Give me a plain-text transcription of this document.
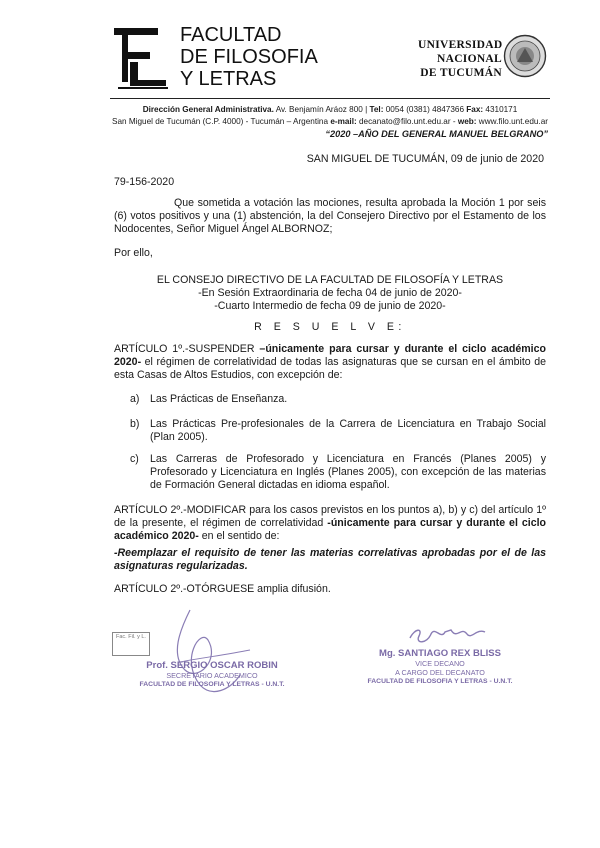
FACULTAD
DE FILOSOFIA
Y LETRAS
UNIVERSIDAD
NACIONAL
DE TUCUMÁN
Dirección General Administrativa. Av. Benjamín Aráoz 800 | Tel: 0054 (0381) 4847366 Fax: 4310171
San Miguel de Tucumán (C.P. 4000) - Tucumán – Argentina e-mail: decanato@filo.unt.edu.ar - web: www.filo.unt.edu.ar
“2020 –AÑO DEL GENERAL MANUEL BELGRANO”
SAN MIGUEL DE TUCUMÁN, 09 de junio de 2020
79-156-2020
Que sometida a votación las mociones, resulta aprobada la Moción 1 por seis (6) votos positivos y una (1) abstención, la del Consejero Directivo por el Estamento de los Nodocentes, Señor Miguel Ángel ALBORNOZ;
Por ello,
EL CONSEJO DIRECTIVO DE LA FACULTAD DE FILOSOFÍA Y LETRAS
-En Sesión Extraordinaria de fecha 04 de junio de 2020-
-Cuarto Intermedio de fecha 09 de junio de 2020-
R E S U E L V E:
ARTÍCULO 1º.-SUSPENDER –únicamente para cursar y durante el ciclo académico 2020- el régimen de correlatividad de todas las asignaturas que se cursan en el ámbito de esta Casas de Altos Estudios, con excepción de:
a) Las Prácticas de Enseñanza.
b) Las Prácticas Pre-profesionales de la Carrera de Licenciatura en Trabajo Social (Plan 2005).
c) Las Carreras de Profesorado y Licenciatura en Francés (Planes 2005) y Profesorado y Licenciatura en Inglés (Planes 2005), con excepción de las materias de Formación General dictadas en idioma español.
ARTÍCULO 2º.-MODIFICAR para los casos previstos en los puntos a), b) y c) del artículo 1º de la presente, el régimen de correlatividad -únicamente para cursar y durante el ciclo académico 2020- en el sentido de:
-Reemplazar el requisito de tener las materias correlativas aprobadas por el de las asignaturas regularizadas.
ARTÍCULO 2º.-OTÓRGUESE amplia difusión.
Fac. Fil. y L.
Prof. SERGIO OSCAR ROBIN
SECRETARIO ACADEMICO
FACULTAD DE FILOSOFIA Y LETRAS - U.N.T.
Mg. SANTIAGO REX BLISS
VICE DECANO
A CARGO DEL DECANATO
FACULTAD DE FILOSOFIA Y LETRAS - U.N.T.
